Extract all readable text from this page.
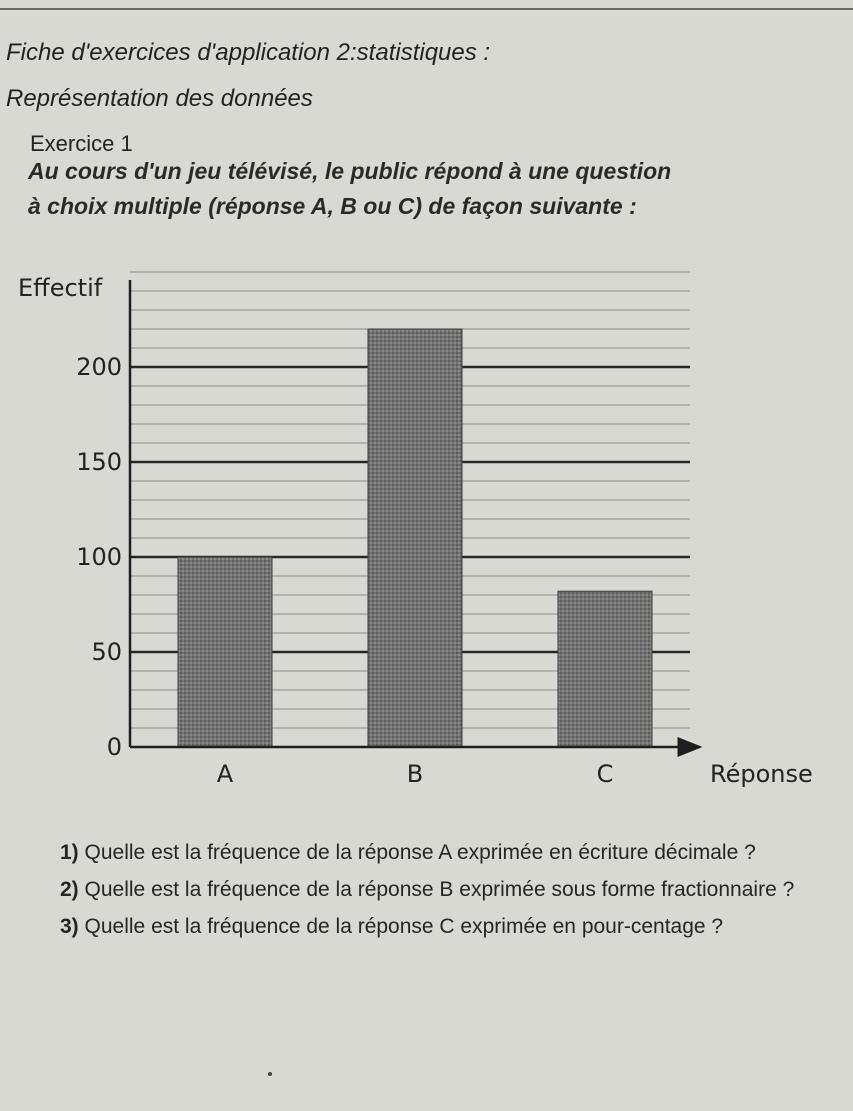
Fiche d'exercices d'application 2:statistiques :
Représentation des données
Exercice 1
Au cours d'un jeu télévisé, le public répond à une question
à choix multiple (réponse A, B ou C) de façon suivante :
A	B	C
0
50
100
150
200
Effectif
Réponse

1) Quelle est la fréquence de la réponse A exprimée en écriture décimale ?

2) Quelle est la fréquence de la réponse B exprimée sous forme fractionnaire ?

3) Quelle est la fréquence de la réponse C exprimée en pour-centage ?
